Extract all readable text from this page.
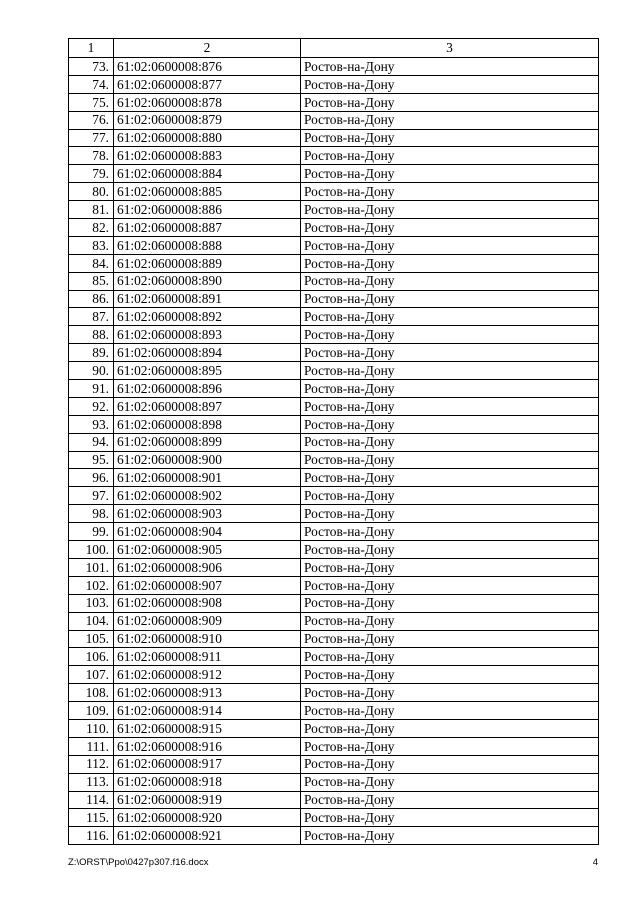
1	2	3
73.	61:02:0600008:876	Ростов-на-Дону
74.	61:02:0600008:877	Ростов-на-Дону
75.	61:02:0600008:878	Ростов-на-Дону
76.	61:02:0600008:879	Ростов-на-Дону
77.	61:02:0600008:880	Ростов-на-Дону
78.	61:02:0600008:883	Ростов-на-Дону
79.	61:02:0600008:884	Ростов-на-Дону
80.	61:02:0600008:885	Ростов-на-Дону
81.	61:02:0600008:886	Ростов-на-Дону
82.	61:02:0600008:887	Ростов-на-Дону
83.	61:02:0600008:888	Ростов-на-Дону
84.	61:02:0600008:889	Ростов-на-Дону
85.	61:02:0600008:890	Ростов-на-Дону
86.	61:02:0600008:891	Ростов-на-Дону
87.	61:02:0600008:892	Ростов-на-Дону
88.	61:02:0600008:893	Ростов-на-Дону
89.	61:02:0600008:894	Ростов-на-Дону
90.	61:02:0600008:895	Ростов-на-Дону
91.	61:02:0600008:896	Ростов-на-Дону
92.	61:02:0600008:897	Ростов-на-Дону
93.	61:02:0600008:898	Ростов-на-Дону
94.	61:02:0600008:899	Ростов-на-Дону
95.	61:02:0600008:900	Ростов-на-Дону
96.	61:02:0600008:901	Ростов-на-Дону
97.	61:02:0600008:902	Ростов-на-Дону
98.	61:02:0600008:903	Ростов-на-Дону
99.	61:02:0600008:904	Ростов-на-Дону
100.	61:02:0600008:905	Ростов-на-Дону
101.	61:02:0600008:906	Ростов-на-Дону
102.	61:02:0600008:907	Ростов-на-Дону
103.	61:02:0600008:908	Ростов-на-Дону
104.	61:02:0600008:909	Ростов-на-Дону
105.	61:02:0600008:910	Ростов-на-Дону
106.	61:02:0600008:911	Ростов-на-Дону
107.	61:02:0600008:912	Ростов-на-Дону
108.	61:02:0600008:913	Ростов-на-Дону
109.	61:02:0600008:914	Ростов-на-Дону
110.	61:02:0600008:915	Ростов-на-Дону
111.	61:02:0600008:916	Ростов-на-Дону
112.	61:02:0600008:917	Ростов-на-Дону
113.	61:02:0600008:918	Ростов-на-Дону
114.	61:02:0600008:919	Ростов-на-Дону
115.	61:02:0600008:920	Ростов-на-Дону
116.	61:02:0600008:921	Ростов-на-Дону
Z:\ORST\Ppo\0427p307.f16.docx	4
